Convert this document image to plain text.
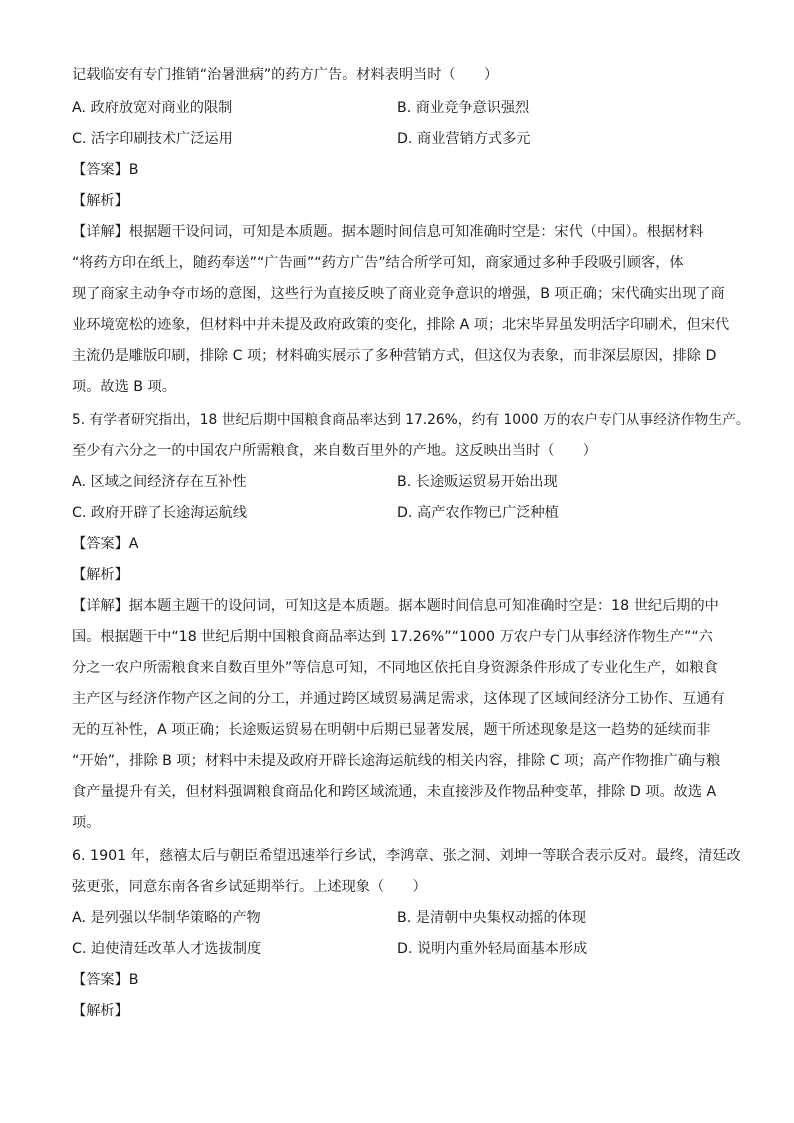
记载临安有专门推销“治暑泄病”的药方广告。材料表明当时（　　）
A. 政府放宽对商业的限制	B. 商业竞争意识强烈
C. 活字印刷技术广泛运用	D. 商业营销方式多元
【答案】B
【解析】
【详解】根据题干设问词，可知是本质题。据本题时间信息可知准确时空是：宋代（中国）。根据材料
“将药方印在纸上，随药奉送”“广告画”“药方广告”结合所学可知，商家通过多种手段吸引顾客，体
现了商家主动争夺市场的意图，这些行为直接反映了商业竞争意识的增强，B 项正确；宋代确实出现了商
业环境宽松的迹象，但材料中并未提及政府政策的变化，排除 A 项；北宋毕昇虽发明活字印刷术，但宋代
主流仍是雕版印刷，排除 C 项；材料确实展示了多种营销方式，但这仅为表象，而非深层原因，排除 D
项。故选 B 项。
5. 有学者研究指出，18 世纪后期中国粮食商品率达到 17.26%，约有 1000 万的农户专门从事经济作物生产。
至少有六分之一的中国农户所需粮食，来自数百里外的产地。这反映出当时（　　）
A. 区域之间经济存在互补性	B. 长途贩运贸易开始出现
C. 政府开辟了长途海运航线	D. 高产农作物已广泛种植
【答案】A
【解析】
【详解】据本题主题干的设问词，可知这是本质题。据本题时间信息可知准确时空是：18 世纪后期的中
国。根据题干中“18 世纪后期中国粮食商品率达到 17.26%”“1000 万农户专门从事经济作物生产”“六
分之一农户所需粮食来自数百里外”等信息可知，不同地区依托自身资源条件形成了专业化生产，如粮食
主产区与经济作物产区之间的分工，并通过跨区域贸易满足需求，这体现了区域间经济分工协作、互通有
无的互补性，A 项正确；长途贩运贸易在明朝中后期已显著发展，题干所述现象是这一趋势的延续而非
“开始”，排除 B 项；材料中未提及政府开辟长途海运航线的相关内容，排除 C 项；高产作物推广确与粮
食产量提升有关，但材料强调粮食商品化和跨区域流通，未直接涉及作物品种变革，排除 D 项。故选 A
项。
6. 1901 年，慈禧太后与朝臣希望迅速举行乡试，李鸿章、张之洞、刘坤一等联合表示反对。最终，清廷改
弦更张，同意东南各省乡试延期举行。上述现象（　　）
A. 是列强以华制华策略的产物	B. 是清朝中央集权动摇的体现
C. 迫使清廷改革人才选拔制度	D. 说明内重外轻局面基本形成
【答案】B
【解析】
